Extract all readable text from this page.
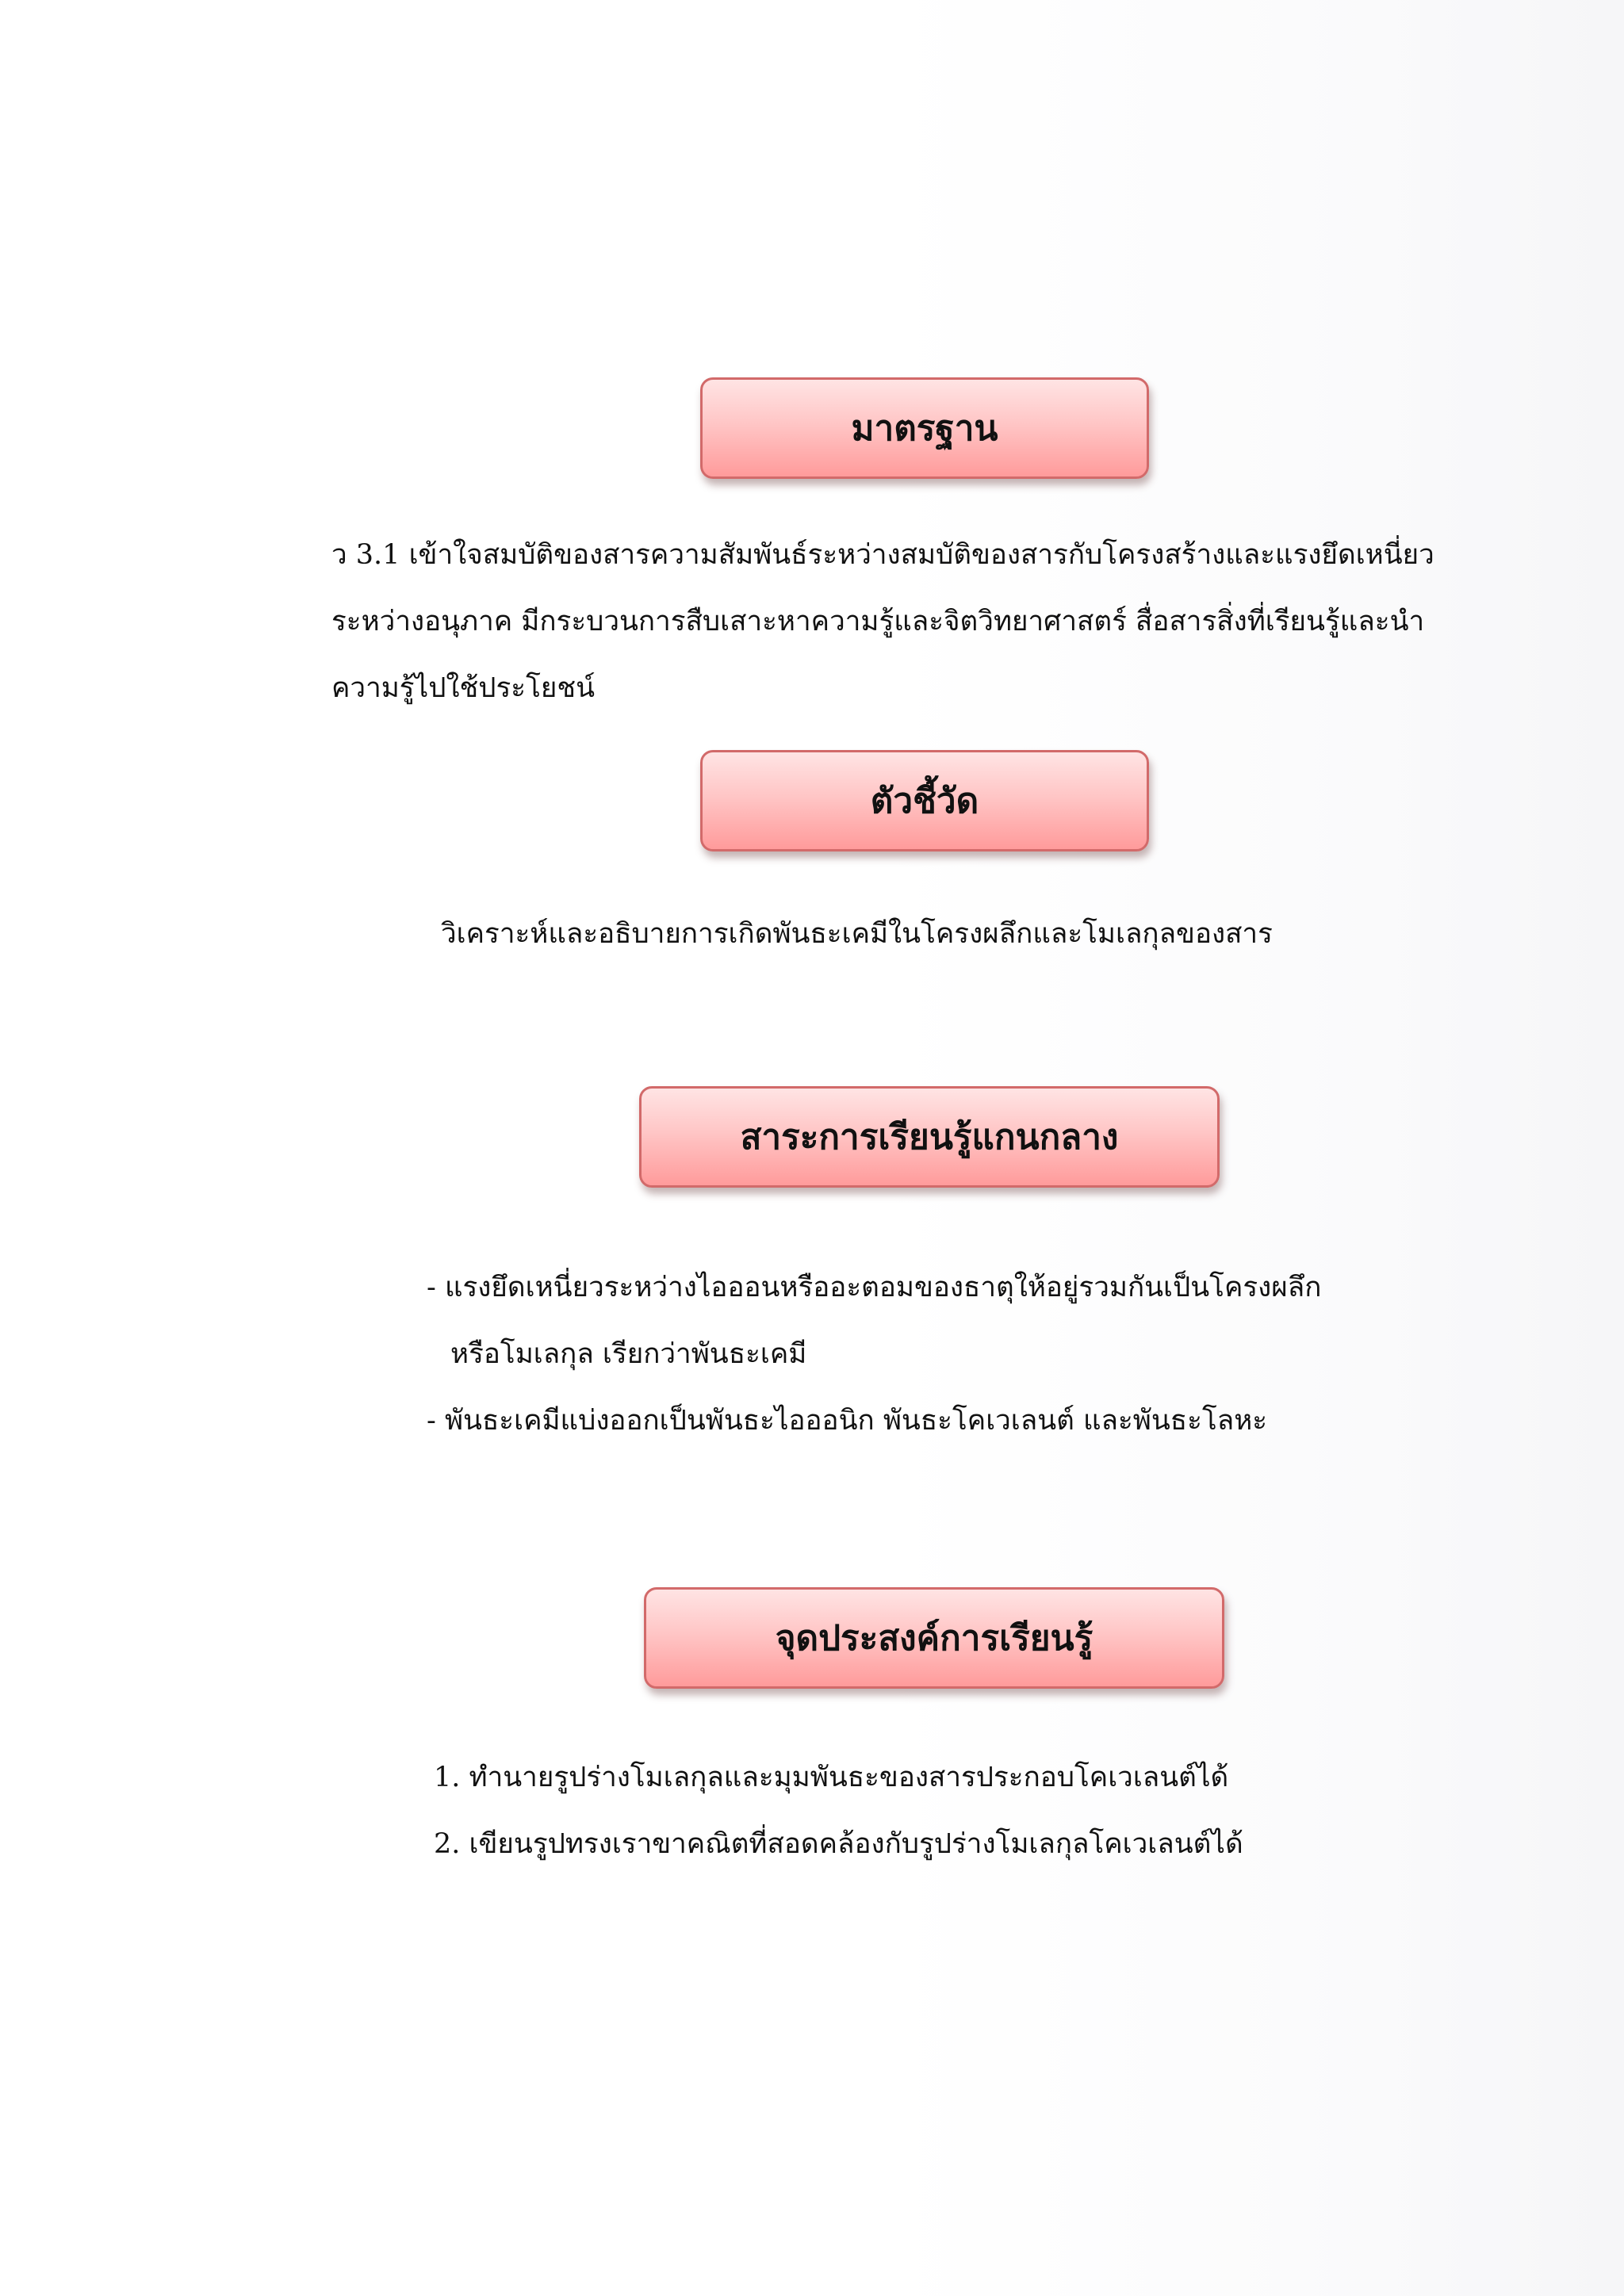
มาตรฐาน
ว 3.1 เข้าใจสมบัติของสารความสัมพันธ์ระหว่างสมบัติของสารกับโครงสร้างและแรงยึดเหนี่ยว
ระหว่างอนุภาค มีกระบวนการสืบเสาะหาความรู้และจิตวิทยาศาสตร์ สื่อสารสิ่งที่เรียนรู้และนำ
ความรู้ไปใช้ประโยชน์
ตัวชี้วัด
วิเคราะห์และอธิบายการเกิดพันธะเคมีในโครงผลึกและโมเลกุลของสาร
สาระการเรียนรู้แกนกลาง
- แรงยึดเหนี่ยวระหว่างไอออนหรืออะตอมของธาตุให้อยู่รวมกันเป็นโครงผลึก
หรือโมเลกุล เรียกว่าพันธะเคมี
- พันธะเคมีแบ่งออกเป็นพันธะไอออนิก พันธะโคเวเลนต์ และพันธะโลหะ
จุดประสงค์การเรียนรู้
1. ทำนายรูปร่างโมเลกุลและมุมพันธะของสารประกอบโคเวเลนต์ได้
2. เขียนรูปทรงเราขาคณิตที่สอดคล้องกับรูปร่างโมเลกุลโคเวเลนต์ได้
